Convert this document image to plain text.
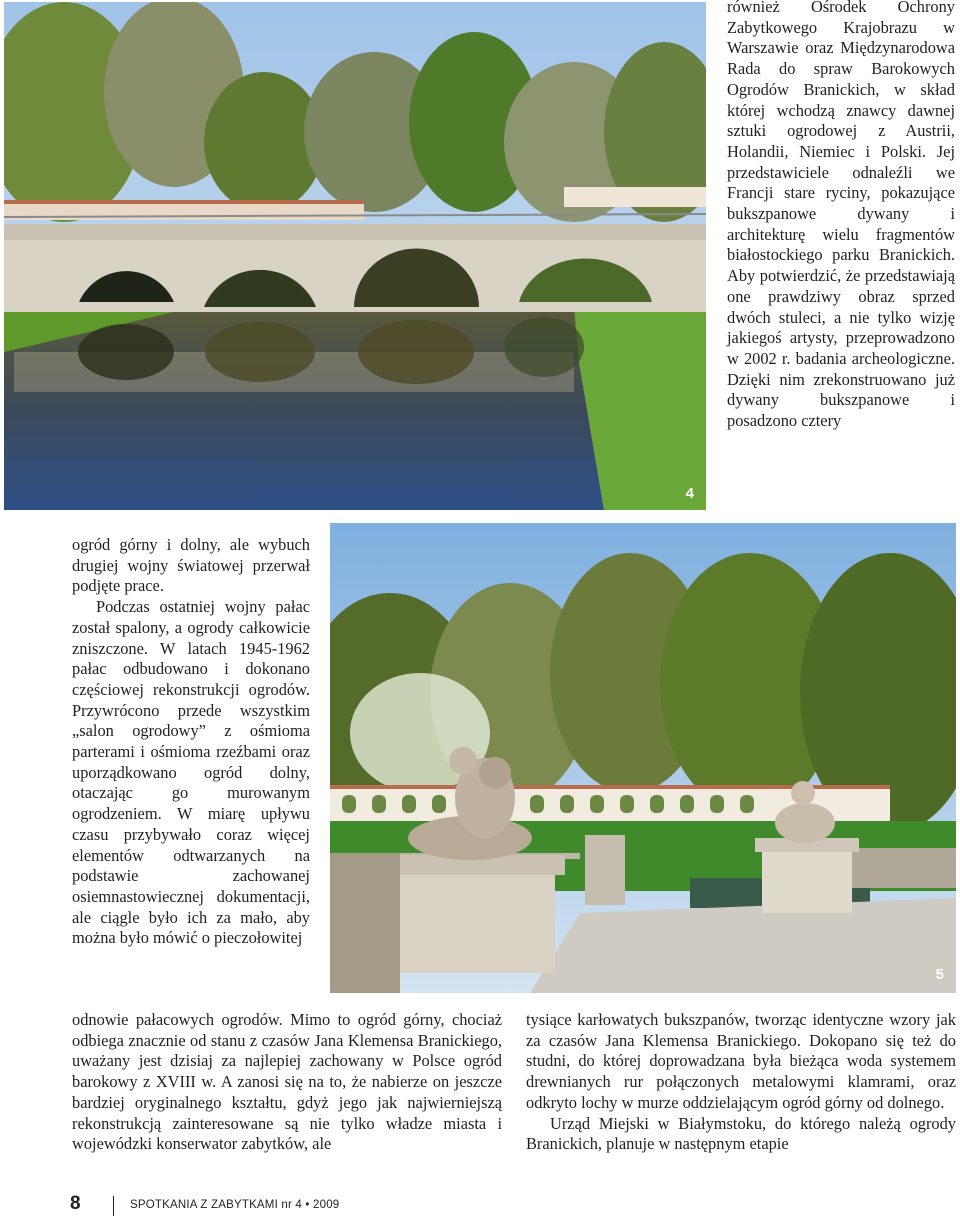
4

również Ośrodek Ochrony Zabytkowego Krajobrazu w Warszawie oraz Międzynarodowa Rada do spraw Barokowych Ogrodów Branickich, w skład której wchodzą znawcy dawnej sztuki ogrodowej z Austrii, Holandii, Niemiec i Polski. Jej przedstawiciele odnaleźli we Francji stare ryciny, pokazujące bukszpanowe dywany i architekturę wielu fragmentów białostockiego parku Branickich. Aby potwierdzić, że przedstawiają one prawdziwy obraz sprzed dwóch stuleci, a nie tylko wizję jakiegoś artysty, przeprowadzono w 2002 r. badania archeologiczne. Dzięki nim zrekonstruowano już dywany bukszpanowe i posadzono cztery

5

ogród górny i dolny, ale wybuch drugiej wojny światowej przerwał podjęte prace.

Podczas ostatniej wojny pałac został spalony, a ogrody całkowicie zniszczone. W latach 1945-1962 pałac odbudowano i dokonano częściowej rekonstrukcji ogrodów. Przywrócono przede wszystkim „salon ogrodowy” z ośmioma parterami i ośmioma rzeźbami oraz uporządkowano ogród dolny, otaczając go murowanym ogrodzeniem. W miarę upływu czasu przybywało coraz więcej elementów odtwarzanych na podstawie zachowanej osiemnastowiecznej dokumentacji, ale ciągle było ich za mało, aby można było mówić o pieczołowitej

odnowie pałacowych ogrodów. Mimo to ogród górny, chociaż odbiega znacznie od stanu z czasów Jana Klemensa Branickiego, uważany jest dzisiaj za najlepiej zachowany w Polsce ogród barokowy z XVIII w. A zanosi się na to, że nabierze on jeszcze bardziej oryginalnego kształtu, gdyż jego jak najwierniejszą rekonstrukcją zainteresowane są nie tylko władze miasta i wojewódzki konserwator zabytków, ale

tysiące karłowatych bukszpanów, tworząc identyczne wzory jak za czasów Jana Klemensa Branickiego. Dokopano się też do studni, do której doprowadzana była bieżąca woda systemem drewnianych rur połączonych metalowymi klamrami, oraz odkryto lochy w murze oddzielającym ogród górny od dolnego.

Urząd Miejski w Białymstoku, do którego należą ogrody Branickich, planuje w następnym etapie

8	SPOTKANIA Z ZABYTKAMI nr 4 • 2009
